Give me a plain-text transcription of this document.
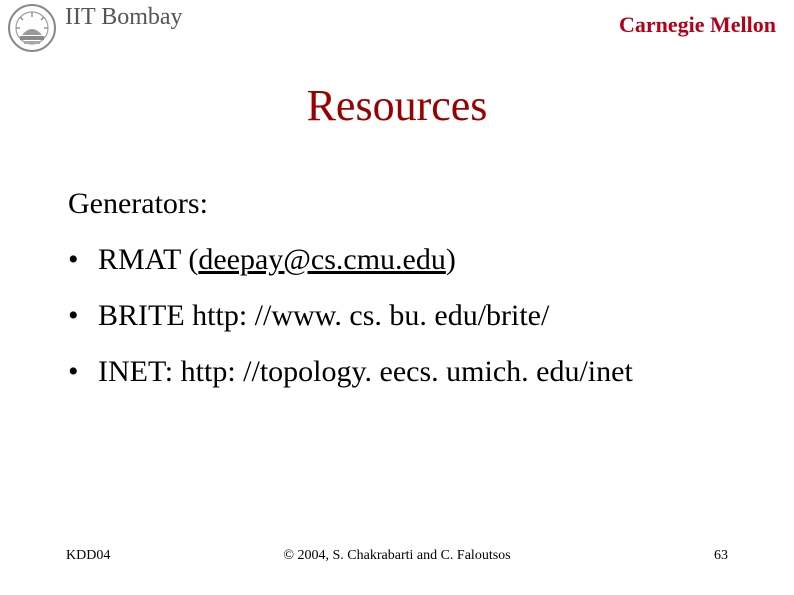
IIT Bombay	Carnegie Mellon
Resources
Generators:
• RMAT (deepay@cs.cmu.edu)
• BRITE http: //www. cs. bu. edu/brite/
• INET: http: //topology. eecs. umich. edu/inet
KDD04	© 2004, S. Chakrabarti and C. Faloutsos	63
